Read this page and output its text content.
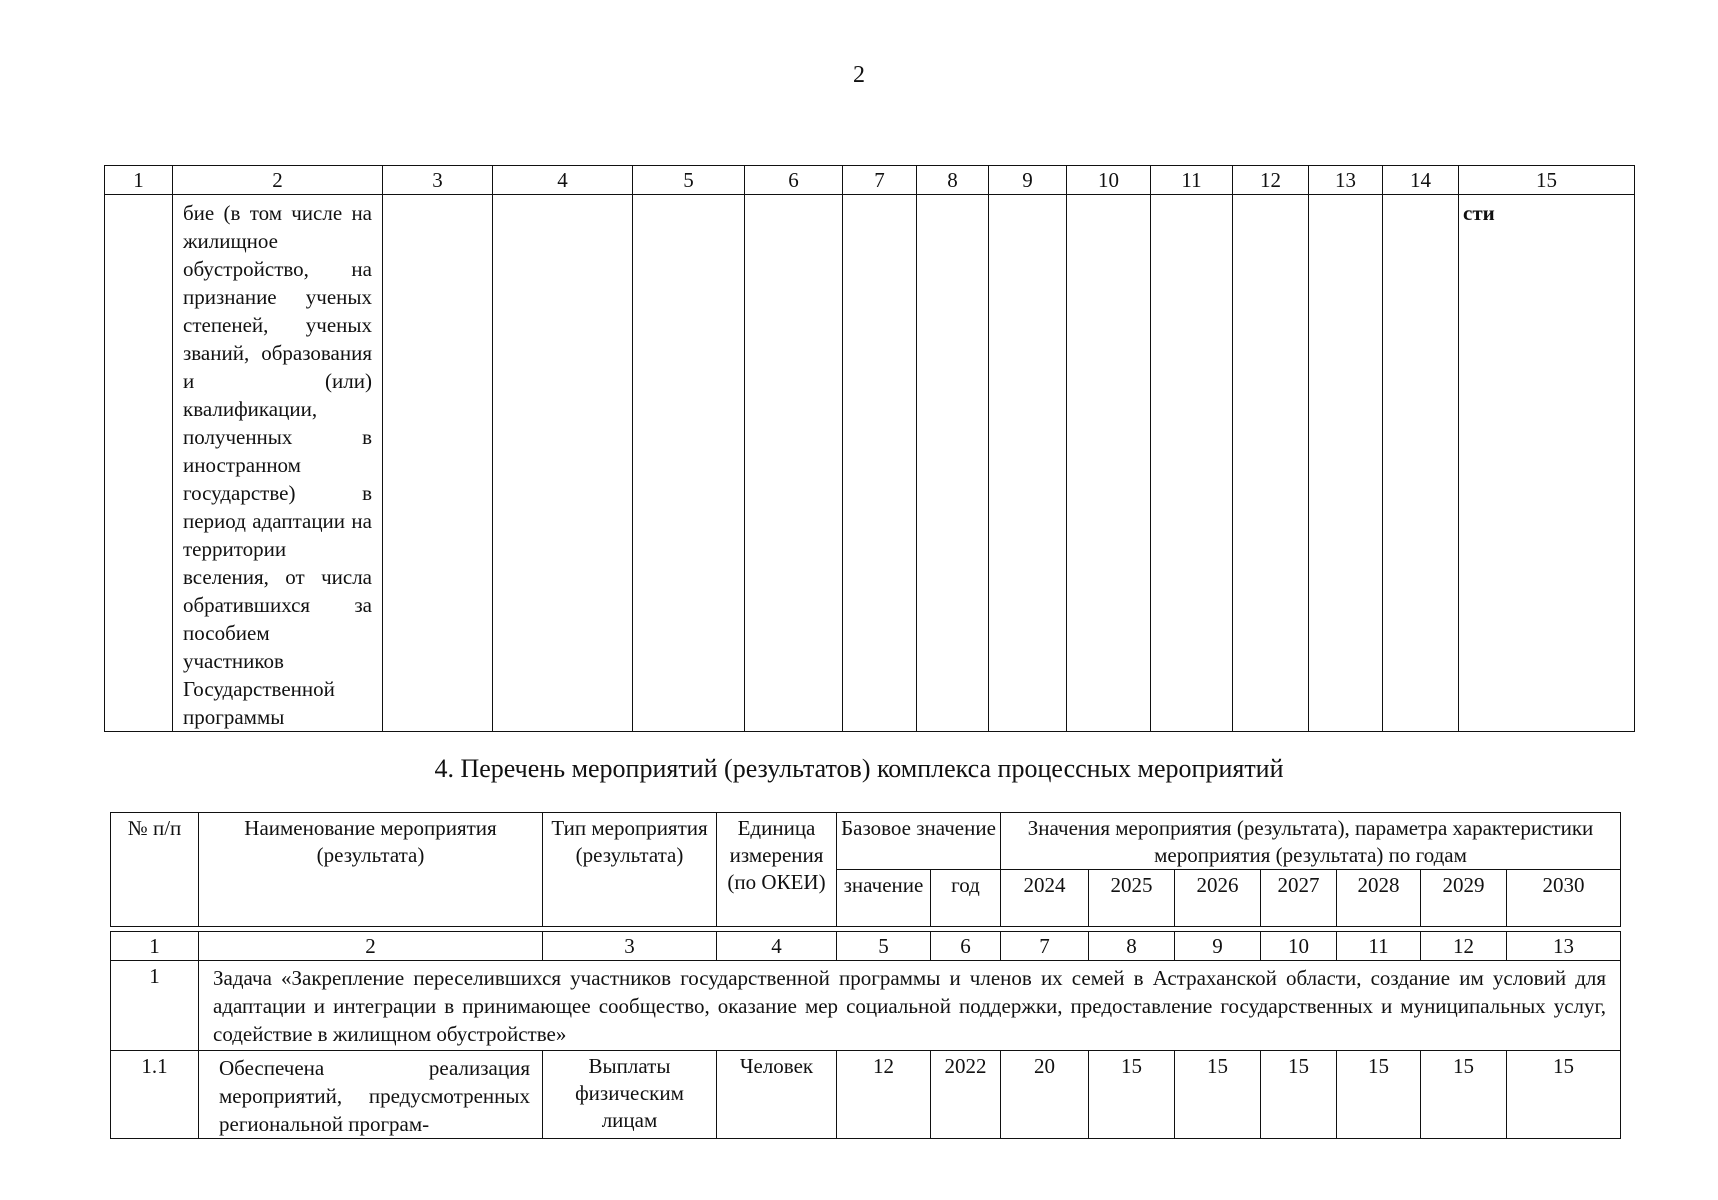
2
1	2	3	4	5	6	7	8	9	10	11	12	13	14	15
	бие (в том числе на жилищное обустройство, на признание ученых степеней, ученых званий, образования и (или) квалификации, полученных в иностранном государстве) в период адаптации на территории вселения, от числа обратившихся за пособием участников Государственной программы													сти
4. Перечень мероприятий (результатов) комплекса процессных мероприятий
№ п/п	Наименование мероприятия (результата)	Тип мероприятия (результата)	Единица измерения (по ОКЕИ)	Базовое значение		Значения мероприятия (результата), параметра характеристики мероприятия (результата) по годам						
				значение	год	2024	2025	2026	2027	2028	2029	2030

1	2	3	4	5	6	7	8	9	10	11	12	13
1	Задача «Закрепление переселившихся участников государственной программы и членов их семей в Астраханской области, создание им условий для адаптации и интеграции в принимающее сообщество, оказание мер социальной поддержки, предоставление государственных и муниципальных услуг, содействие в жилищном обустройстве»											
1.1	Обеспечена реализация мероприятий, предусмотренных региональной програм-	Выплаты физическим лицам	Человек	12	2022	20	15	15	15	15	15	15
